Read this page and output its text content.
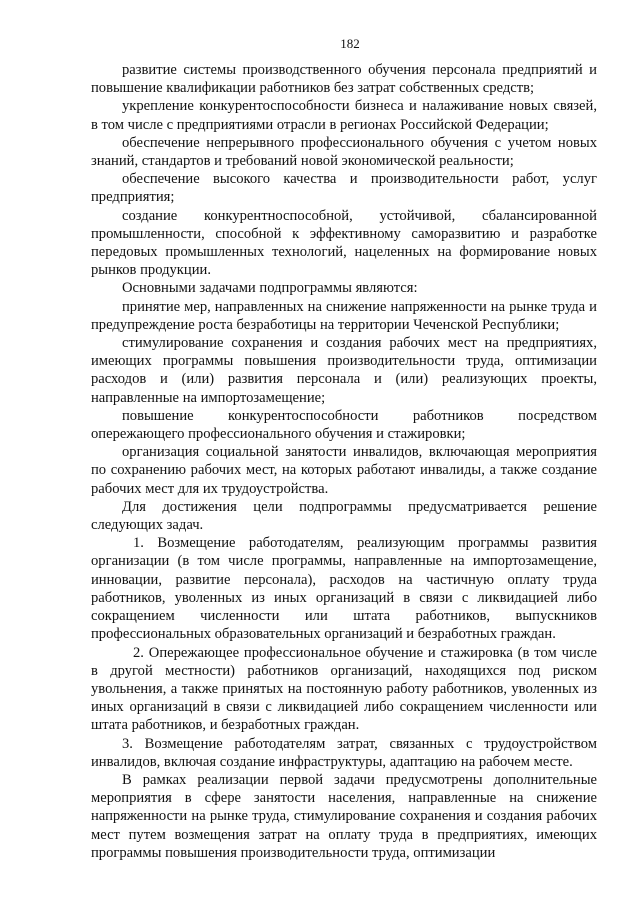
182

развитие системы производственного обучения персонала предприятий и повышение квалификации работников без затрат собственных средств;

укрепление конкурентоспособности бизнеса и налаживание новых связей, в том числе с предприятиями отрасли в регионах Российской Федерации;

обеспечение непрерывного профессионального обучения с учетом новых знаний, стандартов и требований новой экономической реальности;

обеспечение высокого качества и производительности работ, услуг предприятия;

создание конкурентноспособной, устойчивой, сбалансированной промышленности, способной к эффективному саморазвитию и разработке передовых промышленных технологий, нацеленных на формирование новых рынков продукции.

Основными задачами подпрограммы являются:

принятие мер, направленных на снижение напряженности на рынке труда и предупреждение роста безработицы на территории Чеченской Республики;

стимулирование сохранения и создания рабочих мест на предприятиях, имеющих программы повышения производительности труда, оптимизации расходов и (или) развития персонала и (или) реализующих проекты, направленные на импортозамещение;

повышение конкурентоспособности работников посредством опережающего профессионального обучения и стажировки;

организация социальной занятости инвалидов, включающая мероприятия по сохранению рабочих мест, на которых работают инвалиды, а также создание рабочих мест для их трудоустройства.

Для достижения цели подпрограммы предусматривается решение следующих задач.

1. Возмещение работодателям, реализующим программы развития организации (в том числе программы, направленные на импортозамещение, инновации, развитие персонала), расходов на частичную оплату труда работников, уволенных из иных организаций в связи с ликвидацией либо сокращением численности или штата работников, выпускников профессиональных образовательных организаций и безработных граждан.

2. Опережающее профессиональное обучение и стажировка (в том числе в другой местности) работников организаций, находящихся под риском увольнения, а также принятых на постоянную работу работников, уволенных из иных организаций в связи с ликвидацией либо сокращением численности или штата работников, и безработных граждан.

3. Возмещение работодателям затрат, связанных с трудоустройством инвалидов, включая создание инфраструктуры, адаптацию на рабочем месте.

В рамках реализации первой задачи предусмотрены дополнительные мероприятия в сфере занятости населения, направленные на снижение напряженности на рынке труда, стимулирование сохранения и создания рабочих мест путем возмещения затрат на оплату труда в предприятиях, имеющих программы повышения производительности труда, оптимизации
